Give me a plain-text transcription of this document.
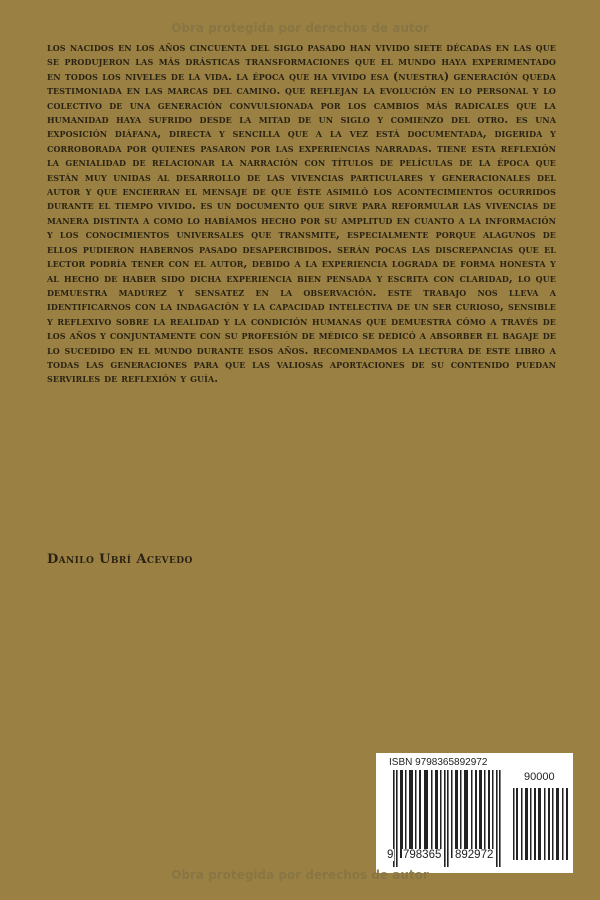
Obra protegida por derechos de autor

los nacidos en los años cincuenta del siglo pasado han vivido siete décadas en las que se produjeron las más drásticas transformaciones que el mundo haya experimentado en todos los niveles de la vida. la época que ha vivido esa (nuestra) generación queda testimoniada en las marcas del camino. que reflejan la evolución en lo personal y lo colectivo de una generación convulsionada por los cambios más radicales que la humanidad haya sufrido desde la mitad de un siglo y comienzo del otro. es una exposición diáfana, directa y sencilla que a la vez está documentada, digerida y corroborada por quienes pasaron por las experiencias narradas. tiene esta reflexión la genialidad de relacionar la narración con títulos de películas de la época que están muy unidas al desarrollo de las vivencias particulares y generacionales del autor y que encierran el mensaje de que éste asimiló los acontecimientos ocurridos durante el tiempo vivido. es un documento que sirve para reformular las vivencias de manera distinta a como lo habíamos hecho por su amplitud en cuanto a la información y los conocimientos universales que transmite, especialmente porque alagunos de ellos pudieron habernos pasado desapercibidos. serán pocas las discrepancias que el lector podría tener con el autor, debido a la experiencia lograda de forma honesta y al hecho de haber sido dicha experiencia bien pensada y escrita con claridad, lo que demuestra madurez y sensatez en la observación. este trabajo nos lleva a identificarnos con la indagación y la capacidad intelectiva de un ser curioso, sensible y reflexivo sobre la realidad y la condición humanas que demuestra cómo a través de los años y conjuntamente con su profesión de médico se dedicó a absorber el bagaje de lo sucedido en el mundo durante esos años. recomendamos la lectura de este libro a todas las generaciones para que las valiosas aportaciones de su contenido puedan servirles de reflexión y guía.

Danilo Ubrí Acevedo
ISBN 9798365892972
90000
9 798365 892972
Obra protegida por derechos de autor
